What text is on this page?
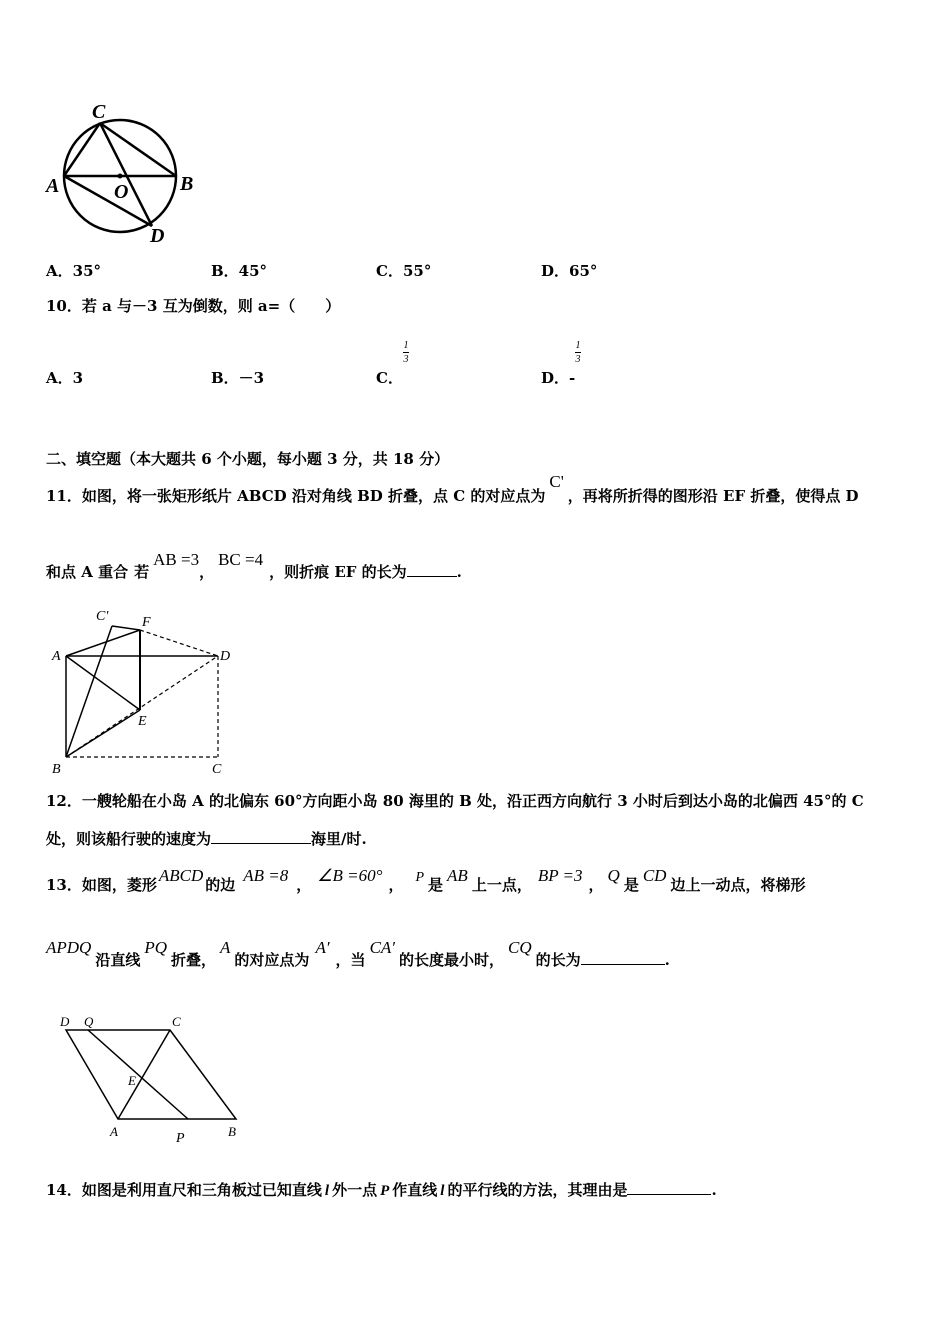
C
A	O	B
D
A．35°	B．45°	C．55°	D．65°
10．若 a 与－3 互为倒数，则 a=（　　）
A．3	B．－3	C．
1
3
D．-
1
3
二、填空题（本大题共 6 个小题，每小题 3 分，共 18 分）
11．如图，将一张矩形纸片 ABCD 沿对角线 BD 折叠，点 C 的对应点为C'，再将所折得的图形沿 EF 折叠，使得点 D
和点 A 重合 若AB =3，BC =4，则折痕 EF 的长为	.
C' F
A	D
E
B	C
12．一艘轮船在小岛 A 的北偏东 60°方向距小岛 80 海里的 B 处，沿正西方向航行 3 小时后到达小岛的北偏西 45°的 C
处，则该船行驶的速度为	海里/时.
13．如图，菱形 ABCD 的边 AB =8 ， ∠B =60° ， P 是 AB 上一点， BP =3 ， Q 是 CD 边上一动点，将梯形
APDQ沿直线PQ折叠，A的对应点为A′，当CA′的长度最小时，CQ的长为	.
D Q	C
E
A	P	B
14．如图是利用直尺和三角板过已知直线 l 外一点 P 作直线 l 的平行线的方法，其理由是	.
